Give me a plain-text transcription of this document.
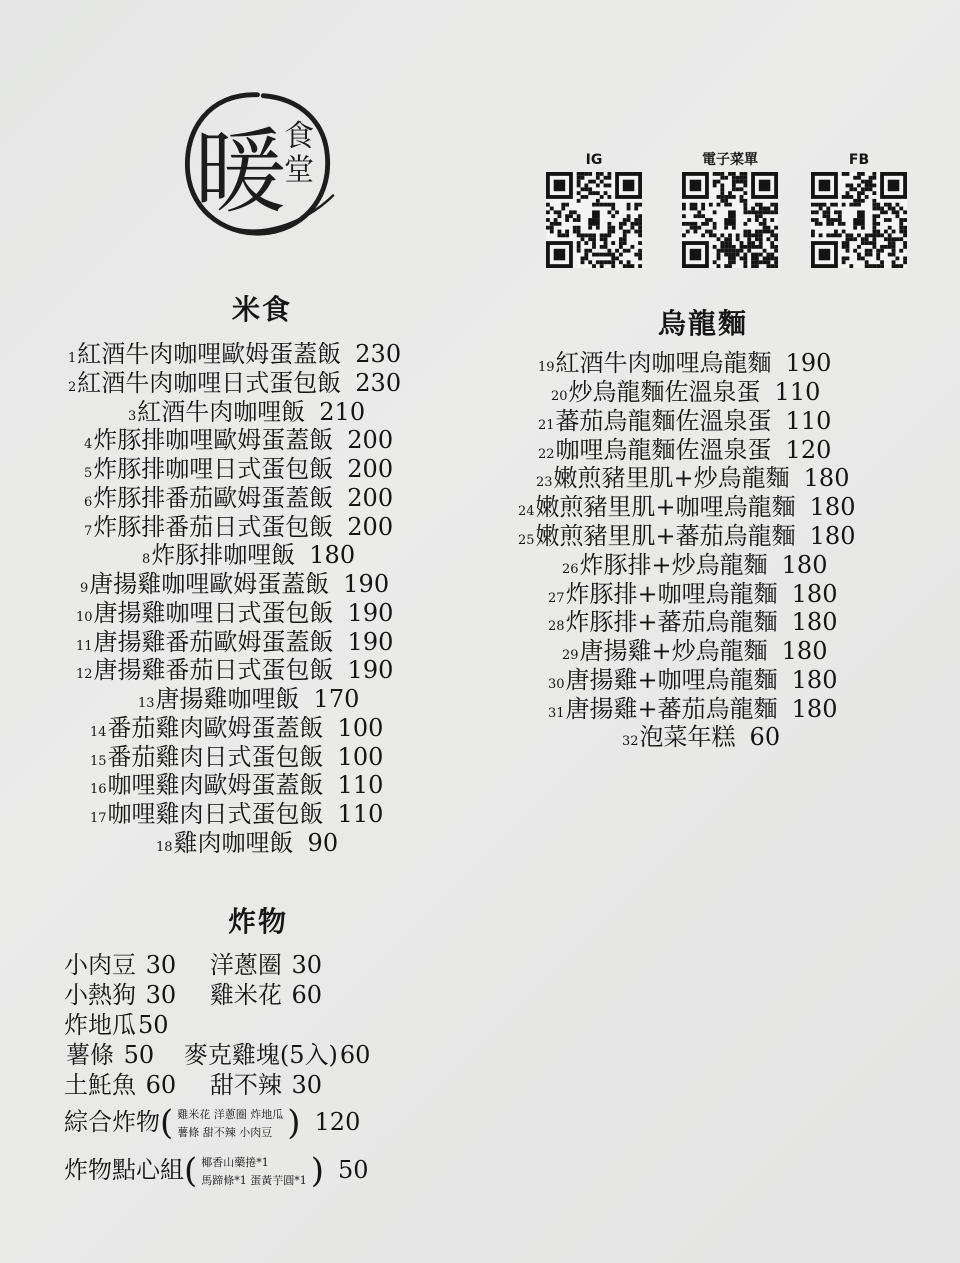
暖
食
堂	IG	電子菜單	FB
米食
1紅酒牛肉咖哩歐姆蛋蓋飯 230
2紅酒牛肉咖哩日式蛋包飯 230
3紅酒牛肉咖哩飯 210
4炸豚排咖哩歐姆蛋蓋飯 200
5炸豚排咖哩日式蛋包飯 200
6炸豚排番茄歐姆蛋蓋飯 200
7炸豚排番茄日式蛋包飯 200
8炸豚排咖哩飯 180
9唐揚雞咖哩歐姆蛋蓋飯 190
10唐揚雞咖哩日式蛋包飯 190
11唐揚雞番茄歐姆蛋蓋飯 190
12唐揚雞番茄日式蛋包飯 190
13唐揚雞咖哩飯 170
14番茄雞肉歐姆蛋蓋飯 100
15番茄雞肉日式蛋包飯 100
16咖哩雞肉歐姆蛋蓋飯 110
17咖哩雞肉日式蛋包飯 110
18雞肉咖哩飯 90
烏龍麵
19紅酒牛肉咖哩烏龍麵 190
20炒烏龍麵佐溫泉蛋 110
21蕃茄烏龍麵佐溫泉蛋 110
22咖哩烏龍麵佐溫泉蛋 120
23嫩煎豬里肌+炒烏龍麵 180
24嫩煎豬里肌+咖哩烏龍麵 180
25嫩煎豬里肌+蕃茄烏龍麵 180
26炸豚排+炒烏龍麵 180
27炸豚排+咖哩烏龍麵 180
28炸豚排+蕃茄烏龍麵 180
29唐揚雞+炒烏龍麵 180
30唐揚雞+咖哩烏龍麵 180
31唐揚雞+蕃茄烏龍麵 180
32泡菜年糕 60
炸物
小肉豆 30 洋蔥圈 30
小熱狗 30 雞米花 60
炸地瓜50
薯條 50 麥克雞塊(5入)60
土魠魚 60 甜不辣 30
綜合炸物( 雞米花 洋蔥圈 炸地瓜
薯條 甜不辣 小肉豆 ) 120
炸物點心組( 椰香山藥捲*1
馬蹄條*1 蛋黃芋圓*1 ) 50
